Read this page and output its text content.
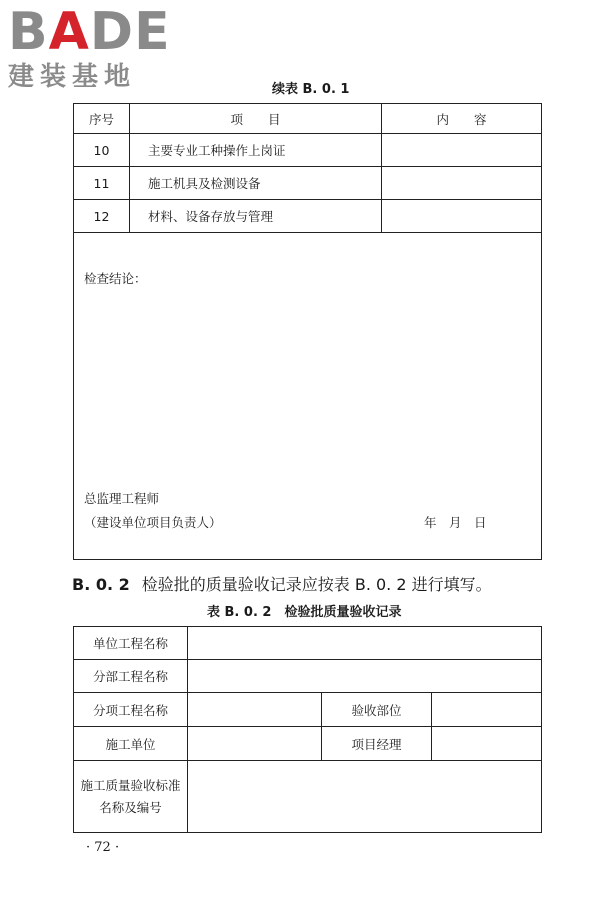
BADE
建装基地	续表 B. 0. 1
序号	项　　目	内　　容
10	主要专业工种操作上岗证	
11	施工机具及检测设备	
12	材料、设备存放与管理	

检查结论：
总监理工程师
（建设单位项目负责人） 年　月　日		
B. 0. 2 检验批的质量验收记录应按表 B. 0. 2 进行填写。
表 B. 0. 2　检验批质量验收记录
单位工程名称			
分部工程名称			
分项工程名称		验收部位	
施工单位		项目经理	

施工质量验收标准
名称及编号			

· 72 ·
